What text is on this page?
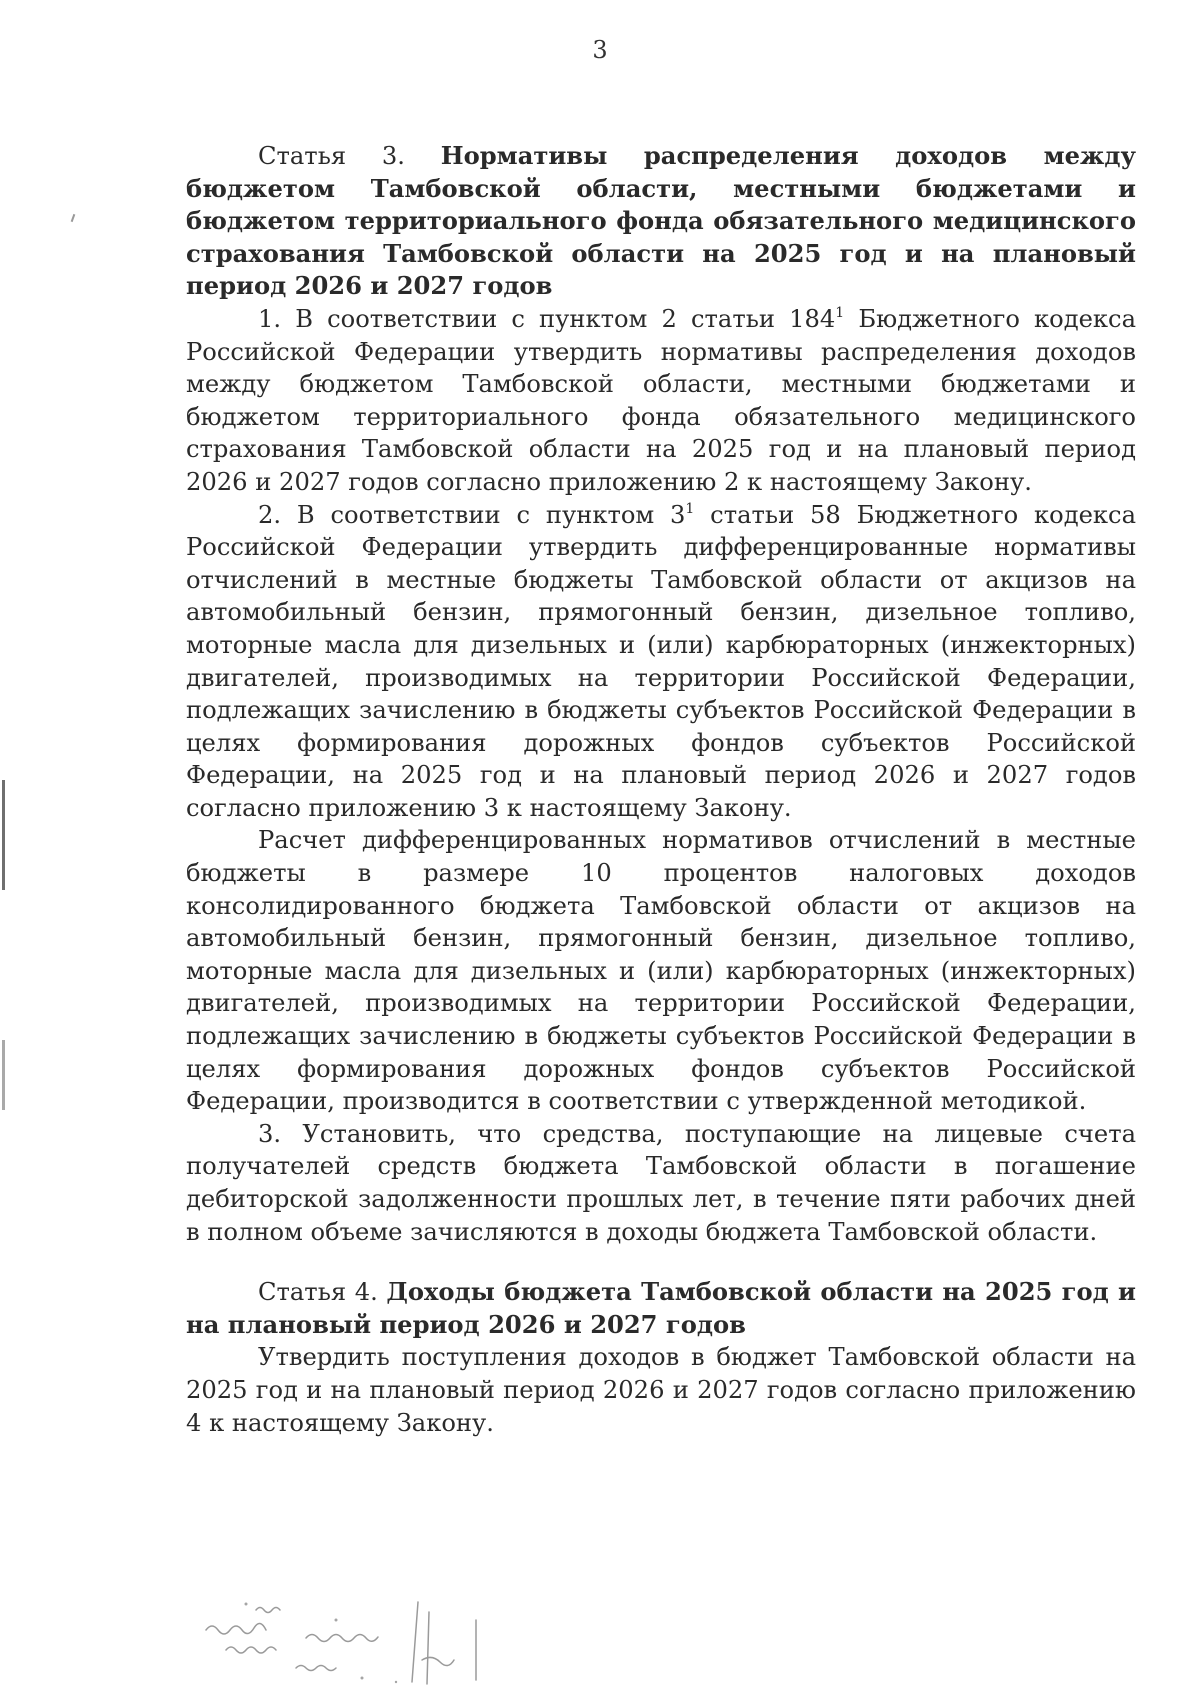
3
Статья 3. Нормативы распределения доходов между бюджетом Тамбовской области, местными бюджетами и бюджетом территориального фонда обязательного медицинского страхования Тамбовской области на 2025 год и на плановый период 2026 и 2027 годов

1. В соответствии с пунктом 2 статьи $184^1$ Бюджетного кодекса Российской Федерации утвердить нормативы распределения доходов между бюджетом Тамбовской области, местными бюджетами и бюджетом территориального фонда обязательного медицинского страхования Тамбовской области на 2025 год и на плановый период 2026 и 2027 годов согласно приложению 2 к настоящему Закону.

2. В соответствии с пунктом $3^1$ статьи 58 Бюджетного кодекса Российской Федерации утвердить дифференцированные нормативы отчислений в местные бюджеты Тамбовской области от акцизов на автомобильный бензин, прямогонный бензин, дизельное топливо, моторные масла для дизельных и (или) карбюраторных (инжекторных) двигателей, производимых на территории Российской Федерации, подлежащих зачислению в бюджеты субъектов Российской Федерации в целях формирования дорожных фондов субъектов Российской Федерации, на 2025 год и на плановый период 2026 и 2027 годов согласно приложению 3 к настоящему Закону.

Расчет дифференцированных нормативов отчислений в местные бюджеты в размере 10 процентов налоговых доходов консолидированного бюджета Тамбовской области от акцизов на автомобильный бензин, прямогонный бензин, дизельное топливо, моторные масла для дизельных и (или) карбюраторных (инжекторных) двигателей, производимых на территории Российской Федерации, подлежащих зачислению в бюджеты субъектов Российской Федерации в целях формирования дорожных фондов субъектов Российской Федерации, производится в соответствии с утвержденной методикой.

3. Установить, что средства, поступающие на лицевые счета получателей средств бюджета Тамбовской области в погашение дебиторской задолженности прошлых лет, в течение пяти рабочих дней в полном объеме зачисляются в доходы бюджета Тамбовской области.

Статья 4. Доходы бюджета Тамбовской области на 2025 год и на плановый период 2026 и 2027 годов

Утвердить поступления доходов в бюджет Тамбовской области на 2025 год и на плановый период 2026 и 2027 годов согласно приложению 4 к настоящему Закону.
